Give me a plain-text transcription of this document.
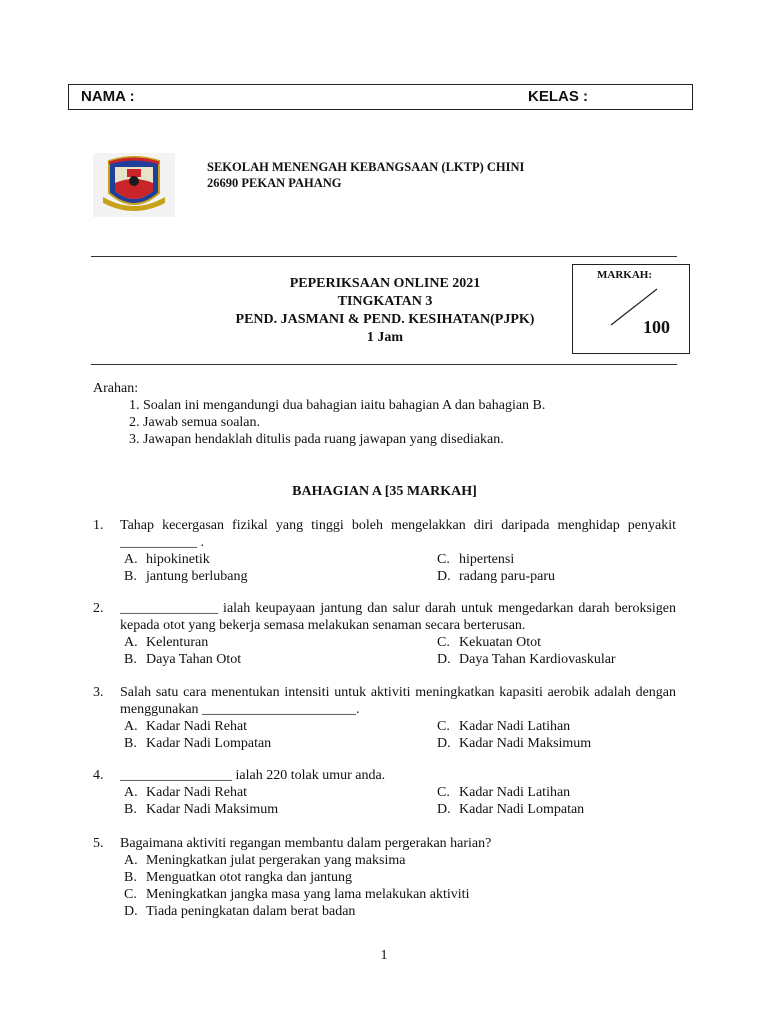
NAMA :	KELAS :
SEKOLAH MENENGAH KEBANGSAAN (LKTP) CHINI
26690 PEKAN PAHANG
PEPERIKSAAN ONLINE 2021
TINGKATAN 3
PEND. JASMANI & PEND. KESIHATAN(PJPK)
1 Jam
MARKAH:
100
Arahan:
1. Soalan ini mengandungi dua bahagian iaitu bahagian A dan bahagian B.
2. Jawab semua soalan.
3. Jawapan hendaklah ditulis pada ruang jawapan yang disediakan.
BAHAGIAN A [35 MARKAH]
1. Tahap kecergasan fizikal yang tinggi boleh mengelakkan diri daripada menghidap penyakit ___________ .
A. hipokinetik	C. hipertensi
B. jantung berlubang	D. radang paru-paru
2. ______________ ialah keupayaan jantung dan salur darah untuk mengedarkan darah beroksigen kepada otot yang bekerja semasa melakukan senaman secara berterusan.
A. Kelenturan	C. Kekuatan Otot
B. Daya Tahan Otot	D. Daya Tahan Kardiovaskular
3. Salah satu cara menentukan intensiti untuk aktiviti meningkatkan kapasiti aerobik adalah dengan menggunakan ______________________.
A. Kadar Nadi Rehat	C. Kadar Nadi Latihan
B. Kadar Nadi Lompatan	D. Kadar Nadi Maksimum
4. ________________ ialah 220 tolak umur anda.
A. Kadar Nadi Rehat	C. Kadar Nadi Latihan
B. Kadar Nadi Maksimum	D. Kadar Nadi Lompatan
5. Bagaimana aktiviti regangan membantu dalam pergerakan harian?
A. Meningkatkan julat pergerakan yang maksima
B. Menguatkan otot rangka dan jantung
C. Meningkatkan jangka masa yang lama melakukan aktiviti
D. Tiada peningkatan dalam berat badan
1
